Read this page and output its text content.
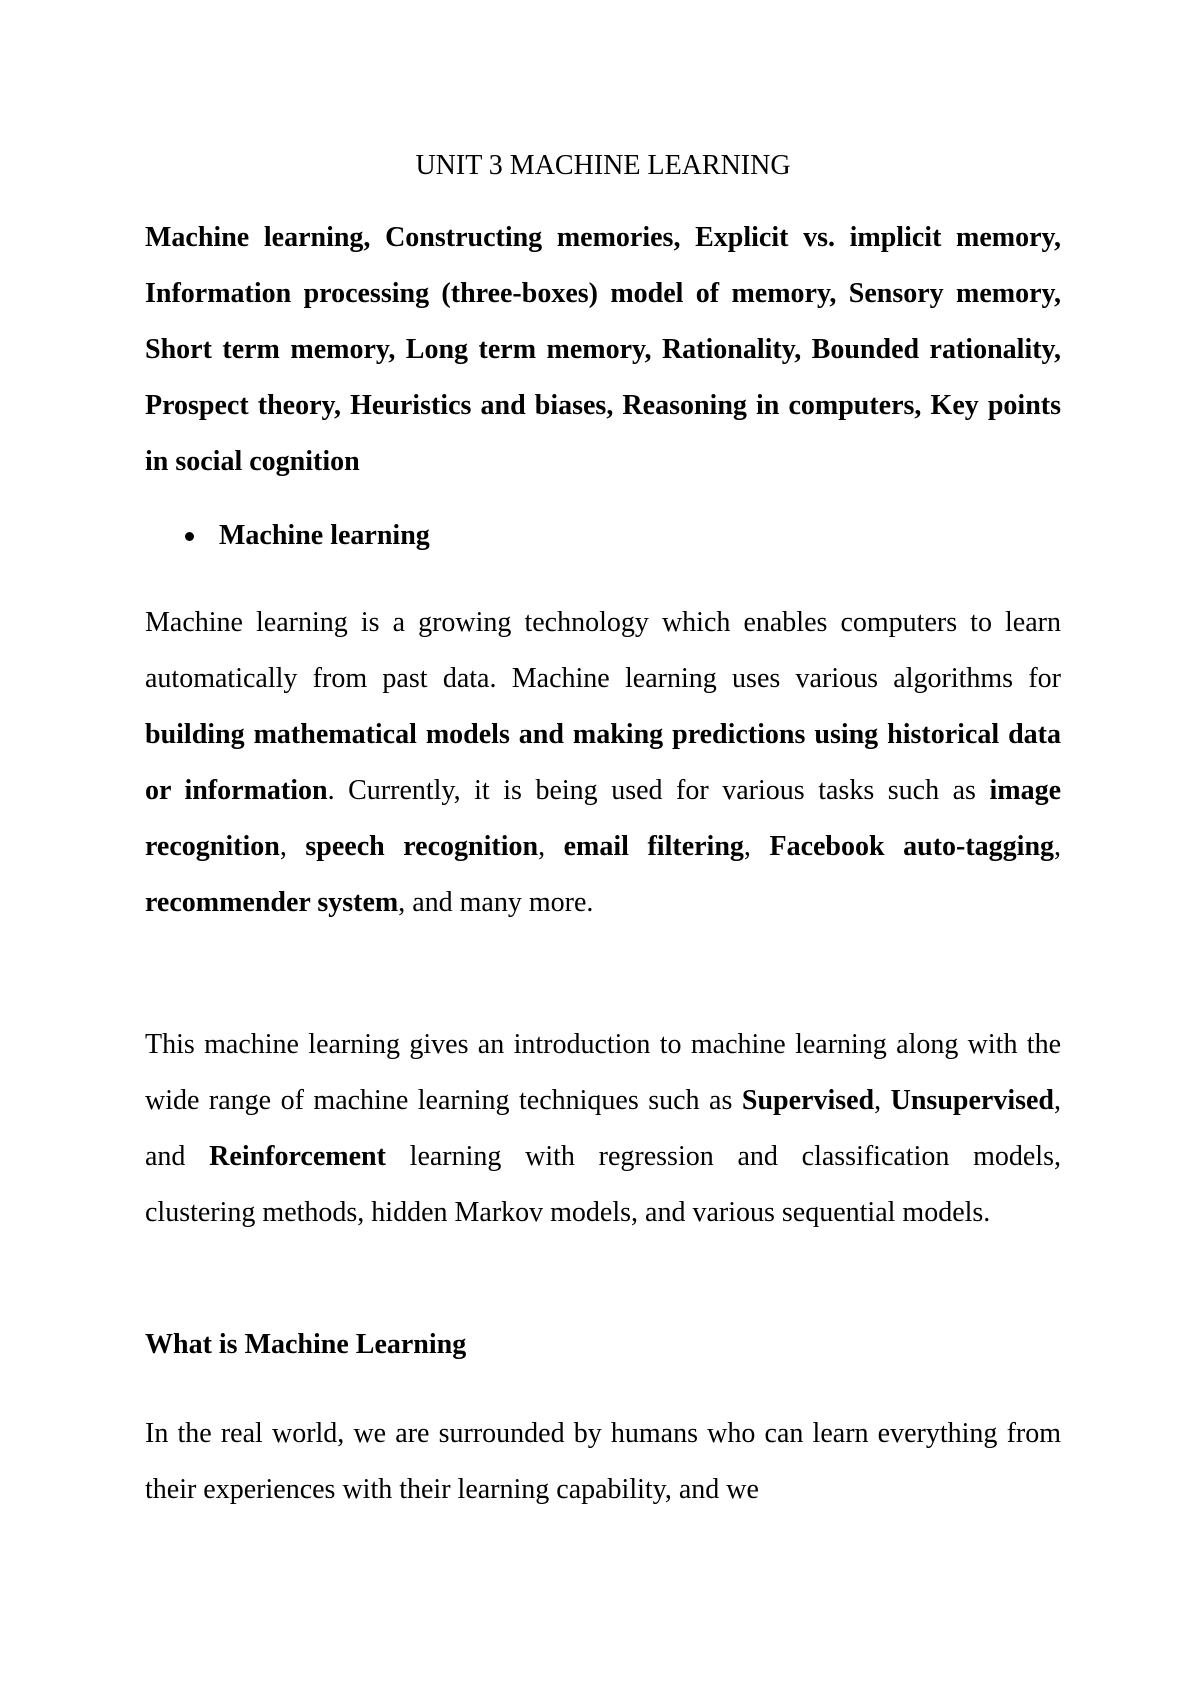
UNIT 3 MACHINE LEARNING

Machine learning, Constructing memories, Explicit vs. implicit memory, Information processing (three-boxes) model of memory, Sensory memory, Short term memory, Long term memory, Rationality, Bounded rationality, Prospect theory, Heuristics and biases, Reasoning in computers, Key points in social cognition

Machine learning

Machine learning is a growing technology which enables computers to learn automatically from past data. Machine learning uses various algorithms for building mathematical models and making predictions using historical data or information. Currently, it is being used for various tasks such as image recognition, speech recognition, email filtering, Facebook auto-tagging, recommender system, and many more.

This machine learning gives an introduction to machine learning along with the wide range of machine learning techniques such as Supervised, Unsupervised, and Reinforcement learning with regression and classification models, clustering methods, hidden Markov models, and various sequential models.

What is Machine Learning

In the real world, we are surrounded by humans who can learn everything from their experiences with their learning capability, and we
